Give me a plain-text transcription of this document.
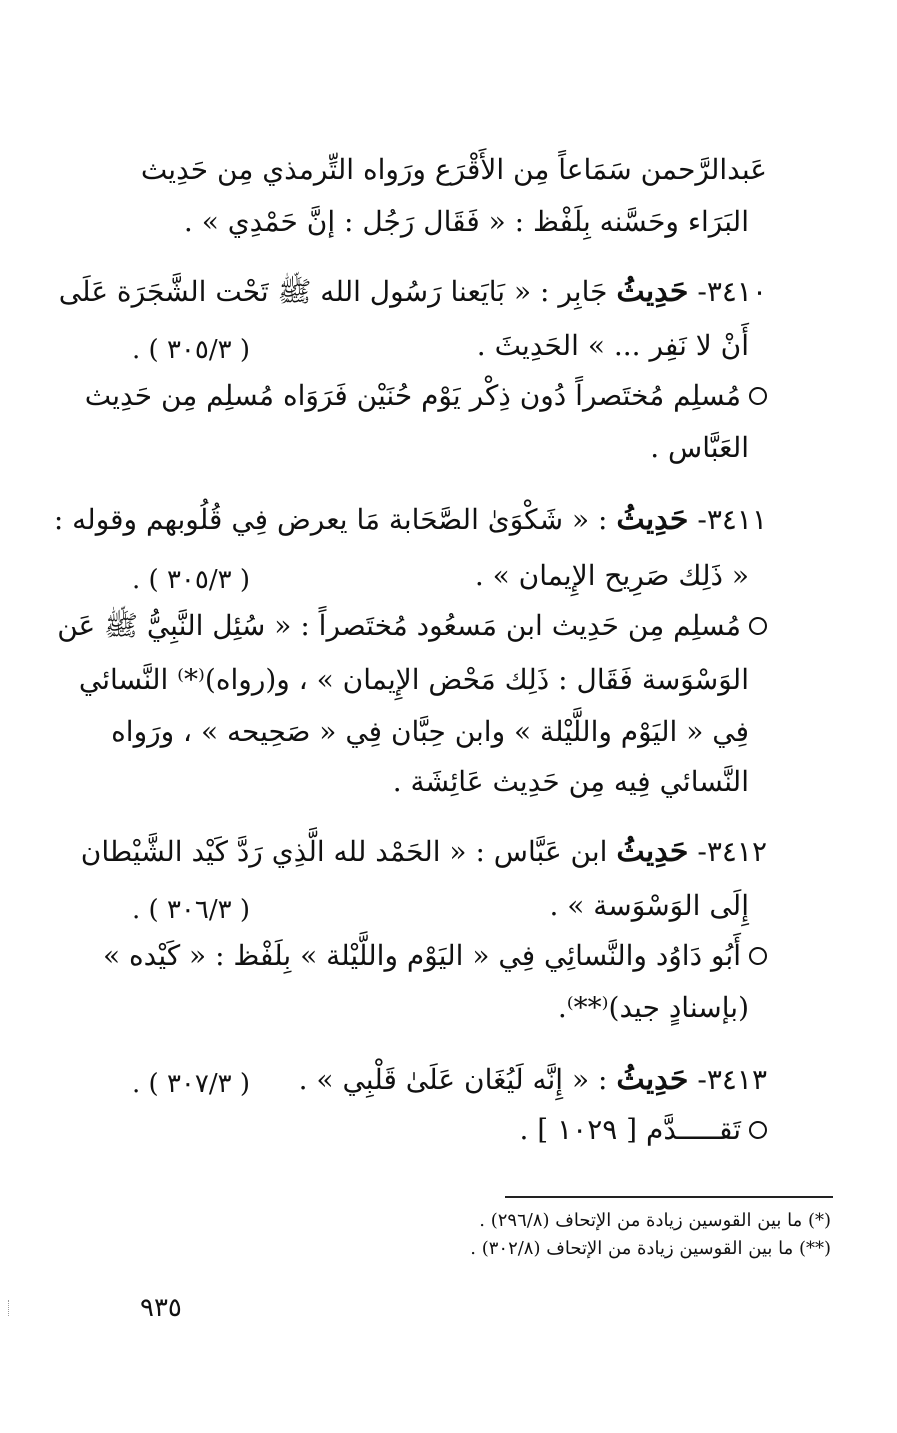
عَبدالرَّحمن سَمَاعاً مِن الأَقْرَع ورَواه التِّرمذي مِن حَدِيث
البَرَاء وحَسَّنه بِلَفْظ : « فَقَال رَجُل : إنَّ حَمْدِي » .
٣٤١٠- حَدِيثُ جَابِر : « بَايَعنا رَسُول الله ﷺ تَحْت الشَّجَرَة عَلَى
أَنْ لا نَفِر ... » الحَدِيثَ .
( ٣٠٥/٣ ) .
مُسلِم مُختَصراً دُون ذِكْر يَوْم حُنَيْن فَرَوَاه مُسلِم مِن حَدِيث
العَبَّاس .
٣٤١١- حَدِيثُ : « شَكْوَىٰ الصَّحَابة مَا يعرض فِي قُلُوبهم وقوله :
« ذَلِك صَرِيح الإِيمان » .
( ٣٠٥/٣ ) .
مُسلِم مِن حَدِيث ابن مَسعُود مُختَصراً : « سُئِل النَّبِيُّ ﷺ عَن
الوَسْوَسة فَقَال : ذَلِك مَحْض الإِيمان » ، و(رواه)⁽*⁾ النَّسائي
فِي « اليَوْم واللَّيْلة » وابن حِبَّان فِي « صَحِيحه » ، ورَواه
النَّسائي فِيه مِن حَدِيث عَائِشَة .
٣٤١٢- حَدِيثُ ابن عَبَّاس : « الحَمْد لله الَّذِي رَدَّ كَيْد الشَّيْطان
إِلَى الوَسْوَسة » .
( ٣٠٦/٣ ) .
أَبُو دَاوُد والنَّسائِي فِي « اليَوْم واللَّيْلة » بِلَفْظ : « كَيْده »
(بإسنادٍ جيد)⁽**⁾.
٣٤١٣- حَدِيثُ : « إِنَّه لَيُغَان عَلَىٰ قَلْبِي » .
( ٣٠٧/٣ ) .
تَقـــــدَّم [ ١٠٢٩ ] .
(*) ما بين القوسين زيادة من الإتحاف (٢٩٦/٨) .
(**) ما بين القوسين زيادة من الإتحاف (٣٠٢/٨) .
٩٣٥
